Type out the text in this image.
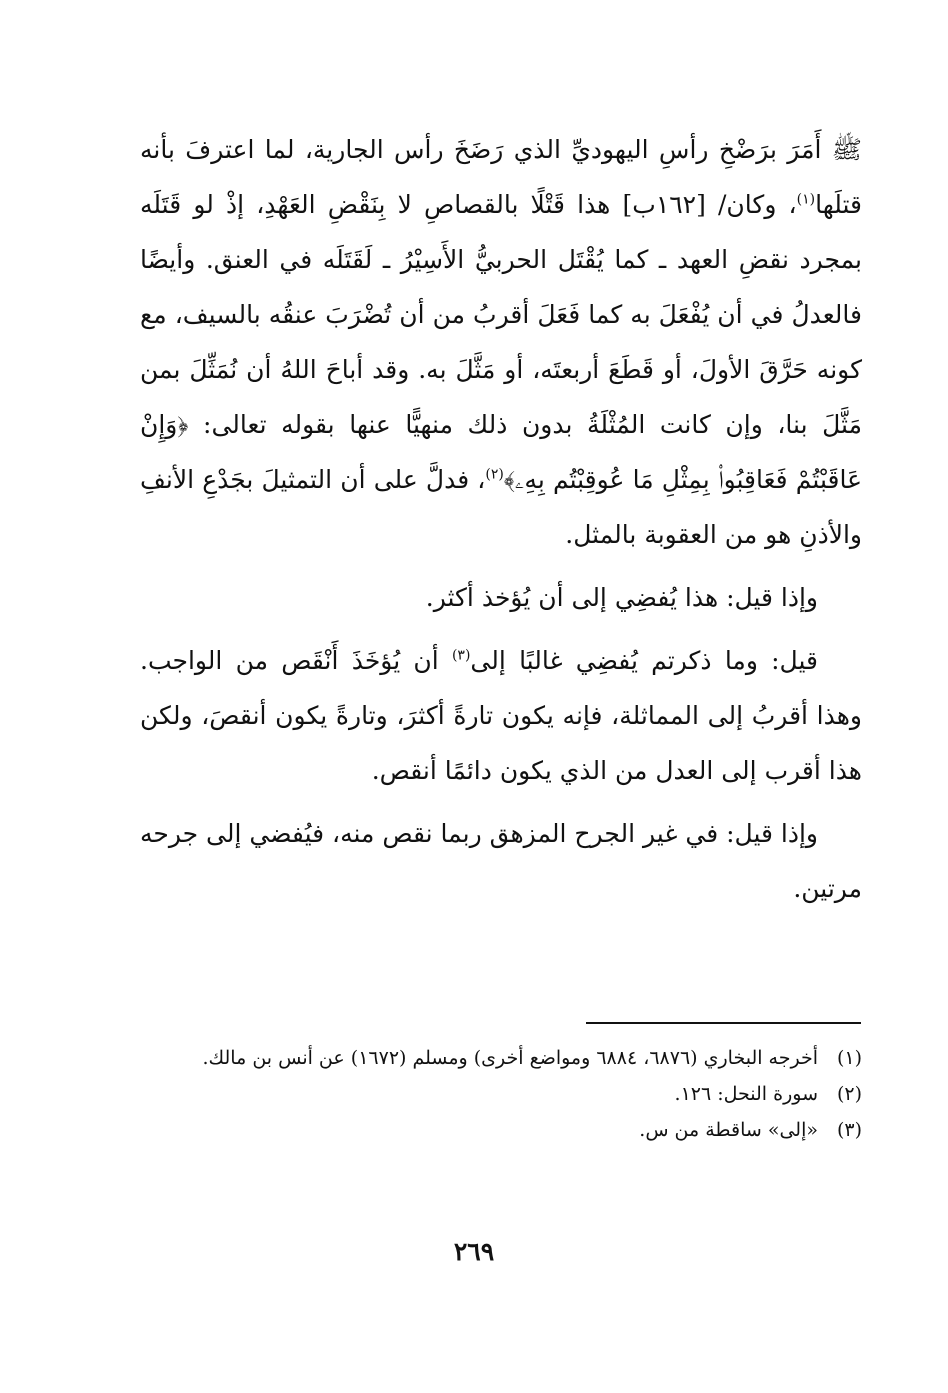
ﷺ أَمَرَ برَضْخِ رأسِ اليهوديِّ الذي رَضَخَ رأس الجارية، لما اعترفَ بأنه قتلَها$^{(١)}$، وكان/ [١٦٢ب] هذا قَتْلًا بالقصاصِ لا بِنَقْضِ العَهْدِ، إذْ لو قَتَلَه بمجرد نقضِ العهد ـ كما يُقْتَل الحربيُّ الأَسِيْرُ ـ لَقَتَلَه في العنق. وأيضًا فالعدلُ في أن يُفْعَلَ به كما فَعَلَ أقربُ من أن تُضْرَبَ عنقُه بالسيف، مع كونه حَرَّقَ الأولَ، أو قَطَعَ أربعتَه، أو مَثَّلَ به. وقد أباحَ اللهُ أن نُمَثِّلَ بمن مَثَّلَ بنا، وإن كانت المُثْلَةُ بدون ذلك منهيًّا عنها بقوله تعالى: ﴿وَإِنْ عَاقَبْتُمْ فَعَاقِبُوا۟ بِمِثْلِ مَا عُوقِبْتُم بِهِۦ﴾$^{(٢)}$، فدلَّ على أن التمثيلَ بجَدْعِ الأنفِ والأذنِ هو من العقوبة بالمثل.

وإذا قيل: هذا يُفضِي إلى أن يُؤخذ أكثر.

قيل: وما ذكرتم يُفضِي غالبًا إلى$^{(٣)}$ أن يُؤخَذَ أَنْقَص من الواجب. وهذا أقربُ إلى المماثلة، فإنه يكون تارةً أكثرَ، وتارةً يكون أنقصَ، ولكن هذا أقرب إلى العدل من الذي يكون دائمًا أنقص.

وإذا قيل: في غير الجرح المزهق ربما نقص منه، فيُفضي إلى جرحه مرتين.

(١)
أخرجه البخاري (٦٨٧٦، ٦٨٨٤ ومواضع أخرى) ومسلم (١٦٧٢) عن أنس بن مالك.
(٢)
سورة النحل: ١٢٦.
(٣)
«إلى» ساقطة من س.
٢٦٩
